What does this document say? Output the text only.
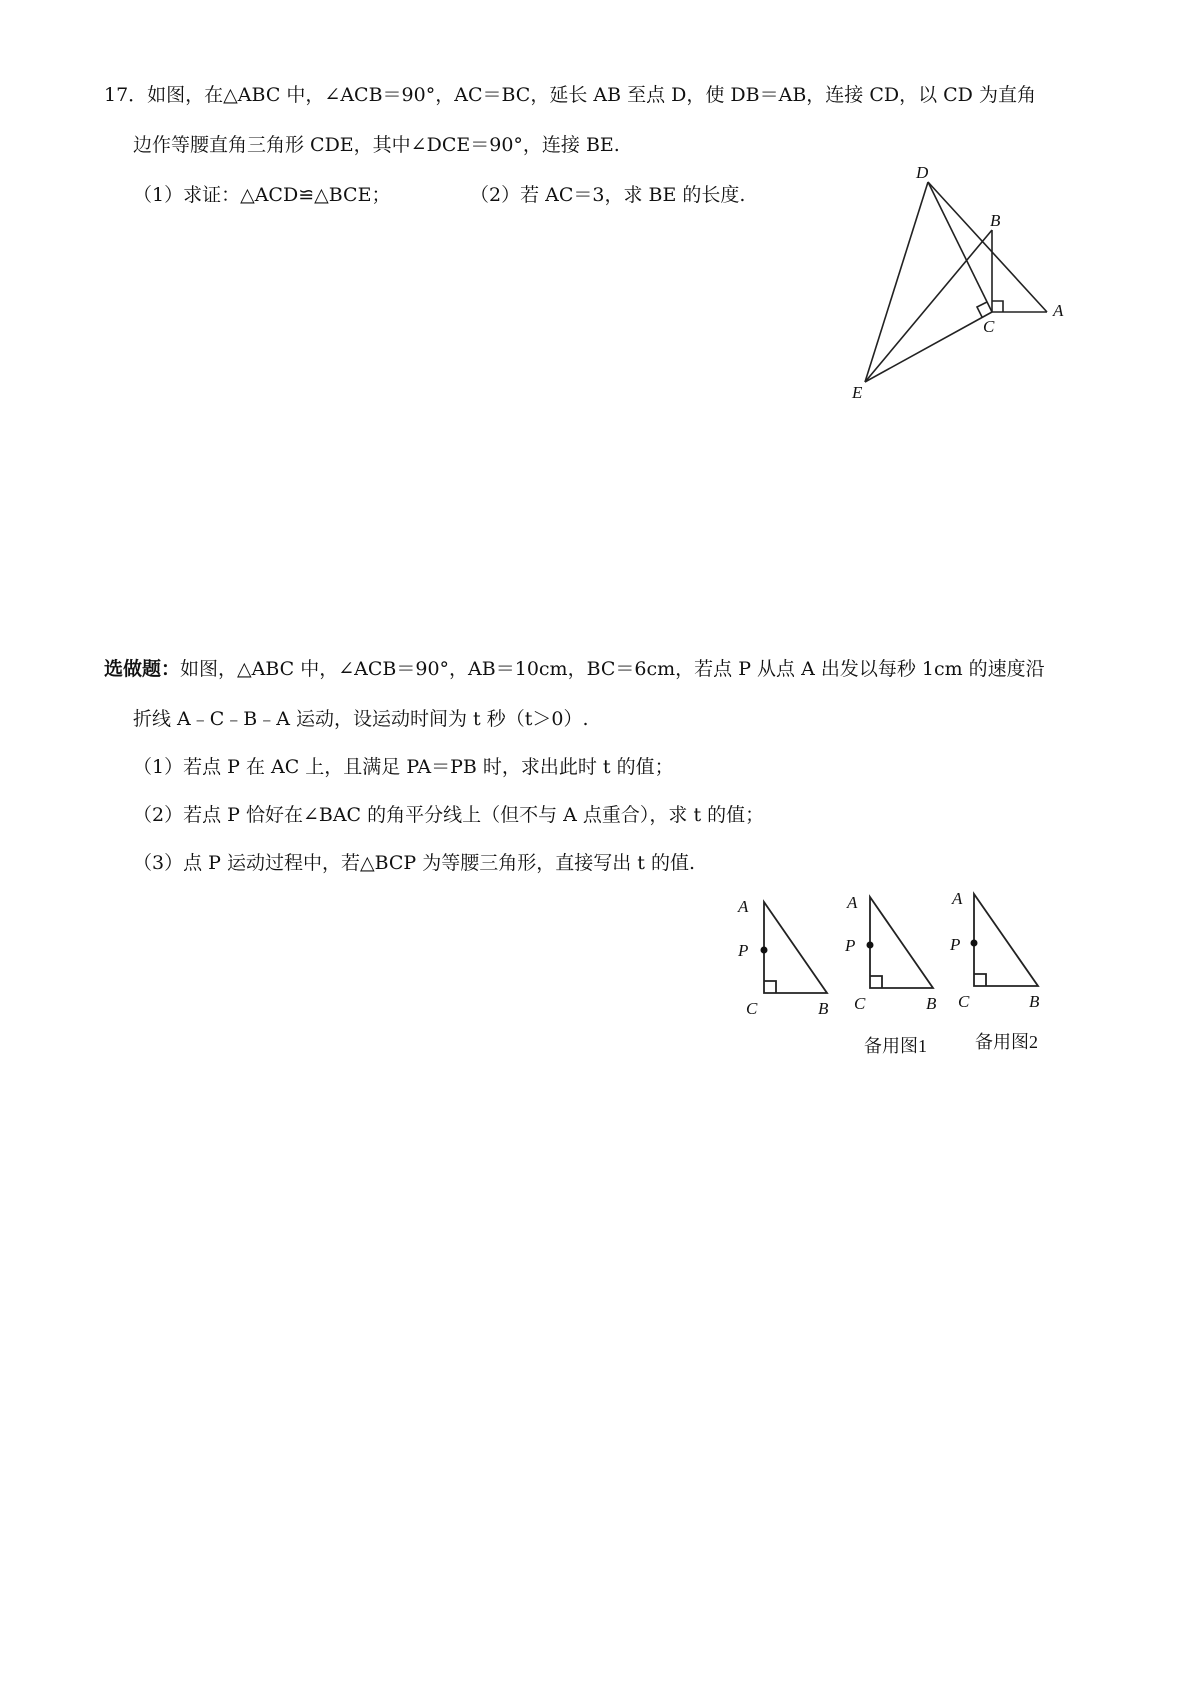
17．如图，在△ABC 中，∠ACB＝90°，AC＝BC，延长 AB 至点 D，使 DB＝AB，连接 CD，以 CD 为直角
边作等腰直角三角形 CDE，其中∠DCE＝90°，连接 BE.
（1）求证：△ACD≌△BCE；	（2）若 AC＝3，求 BE 的长度.
D
B
C
A
E
选做题：如图，△ABC 中，∠ACB＝90°，AB＝10cm，BC＝6cm，若点 P 从点 A 出发以每秒 1cm 的速度沿
折线 A﹣C﹣B﹣A 运动，设运动时间为 t 秒（t＞0）.
（1）若点 P 在 AC 上，且满足 PA＝PB 时，求出此时 t 的值；
（2）若点 P 恰好在∠BAC 的角平分线上（但不与 A 点重合），求 t 的值；
（3）点 P 运动过程中，若△BCP 为等腰三角形，直接写出 t 的值.
A
P
C	B
A
P
C	B
备用图1
A
P
C	B
备用图2
